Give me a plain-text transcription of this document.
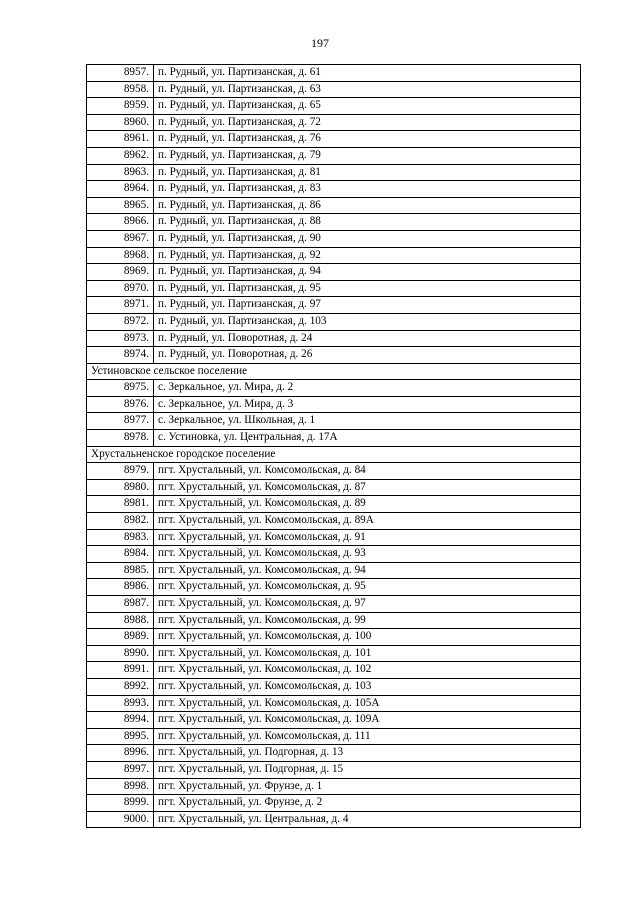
197
8957.	п. Рудный, ул. Партизанская, д. 61
8958.	п. Рудный, ул. Партизанская, д. 63
8959.	п. Рудный, ул. Партизанская, д. 65
8960.	п. Рудный, ул. Партизанская, д. 72
8961.	п. Рудный, ул. Партизанская, д. 76
8962.	п. Рудный, ул. Партизанская, д. 79
8963.	п. Рудный, ул. Партизанская, д. 81
8964.	п. Рудный, ул. Партизанская, д. 83
8965.	п. Рудный, ул. Партизанская, д. 86
8966.	п. Рудный, ул. Партизанская, д. 88
8967.	п. Рудный, ул. Партизанская, д. 90
8968.	п. Рудный, ул. Партизанская, д. 92
8969.	п. Рудный, ул. Партизанская, д. 94
8970.	п. Рудный, ул. Партизанская, д. 95
8971.	п. Рудный, ул. Партизанская, д. 97
8972.	п. Рудный, ул. Партизанская, д. 103
8973.	п. Рудный, ул. Поворотная, д. 24
8974.	п. Рудный, ул. Поворотная, д. 26
Устиновское сельское поселение	
8975.	с. Зеркальное, ул. Мира, д. 2
8976.	с. Зеркальное, ул. Мира, д. 3
8977.	с. Зеркальное, ул. Школьная, д. 1
8978.	с. Устиновка, ул. Центральная, д. 17А
Хрустальненское городское поселение	
8979.	пгт. Хрустальный, ул. Комсомольская, д. 84
8980.	пгт. Хрустальный, ул. Комсомольская, д. 87
8981.	пгт. Хрустальный, ул. Комсомольская, д. 89
8982.	пгт. Хрустальный, ул. Комсомольская, д. 89А
8983.	пгт. Хрустальный, ул. Комсомольская, д. 91
8984.	пгт. Хрустальный, ул. Комсомольская, д. 93
8985.	пгт. Хрустальный, ул. Комсомольская, д. 94
8986.	пгт. Хрустальный, ул. Комсомольская, д. 95
8987.	пгт. Хрустальный, ул. Комсомольская, д. 97
8988.	пгт. Хрустальный, ул. Комсомольская, д. 99
8989.	пгт. Хрустальный, ул. Комсомольская, д. 100
8990.	пгт. Хрустальный, ул. Комсомольская, д. 101
8991.	пгт. Хрустальный, ул. Комсомольская, д. 102
8992.	пгт. Хрустальный, ул. Комсомольская, д. 103
8993.	пгт. Хрустальный, ул. Комсомольская, д. 105А
8994.	пгт. Хрустальный, ул. Комсомольская, д. 109А
8995.	пгт. Хрустальный, ул. Комсомольская, д. 111
8996.	пгт. Хрустальный, ул. Подгорная, д. 13
8997.	пгт. Хрустальный, ул. Подгорная, д. 15
8998.	пгт. Хрустальный, ул. Фрунзе, д. 1
8999.	пгт. Хрустальный, ул. Фрунзе, д. 2
9000.	пгт. Хрустальный, ул. Центральная, д. 4
